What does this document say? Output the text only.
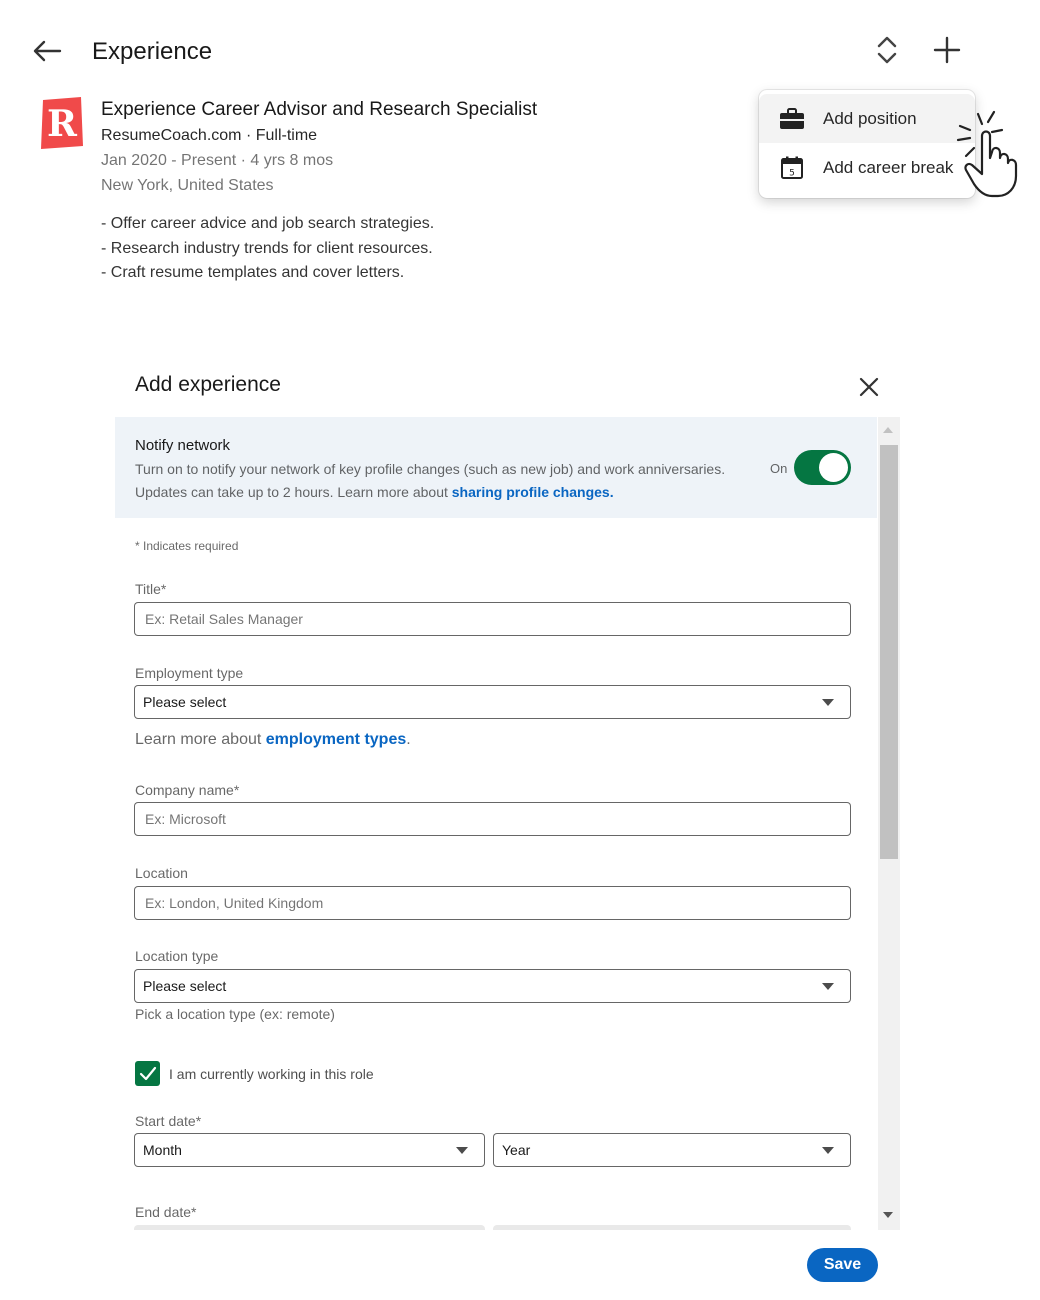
Experience
R Experience Career Advisor and Research Specialist
ResumeCoach.com · Full-time
Jan 2020 - Present · 4 yrs 8 mos
New York, United States
- Offer career advice and job search strategies.
- Research industry trends for client resources.
- Craft resume templates and cover letters.
Add position
5 Add career break
Add experience
Notify network
Turn on to notify your network of key profile changes (such as new job) and work anniversaries. Updates can take up to 2 hours. Learn more about sharing profile changes.
On
* Indicates required
Title*
Ex: Retail Sales Manager
Employment type
Please select
Learn more about employment types.
Company name*
Ex: Microsoft
Location
Ex: London, United Kingdom
Location type
Please select
Pick a location type (ex: remote)
I am currently working in this role
Start date*
Month	Year
End date*
Save
